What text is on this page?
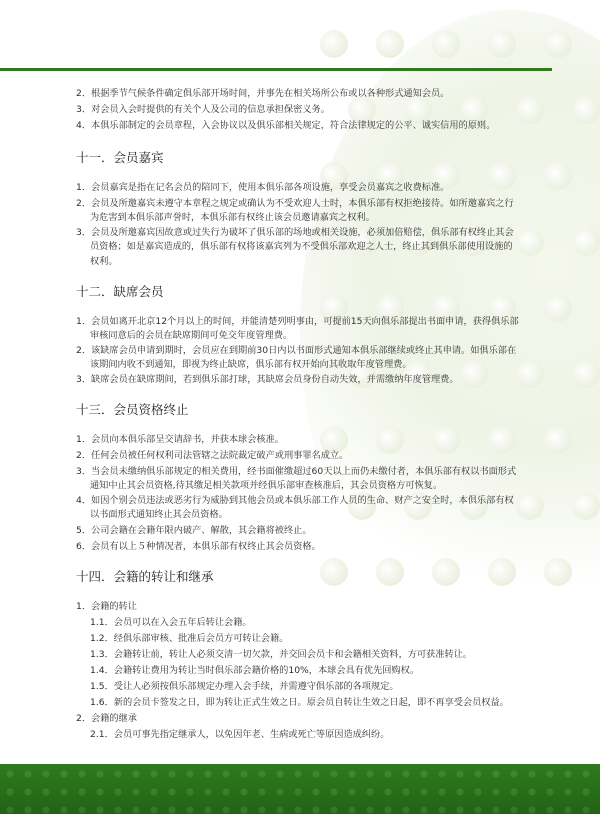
十一．会员嘉宾
十二．缺席会员
十三．会员资格终止
十四．会籍的转让和继承
2．根据季节气候条件确定俱乐部开场时间，并事先在相关场所公布或以各种形式通知会员。
3．对会员入会时提供的有关个人及公司的信息承担保密义务。
4．本俱乐部制定的会员章程，入会协议以及俱乐部相关规定，符合法律规定的公平、诚实信用的原则。
1．会员嘉宾是指在记名会员的陪同下，使用本俱乐部各项设施，享受会员嘉宾之收费标准。
2．会员及所邀嘉宾未遵守本章程之规定或确认为不受欢迎人士时，本俱乐部有权拒绝接待。如所邀嘉宾之行
为危害到本俱乐部声誉时，本俱乐部有权终止该会员邀请嘉宾之权利。
3．会员及所邀嘉宾因故意或过失行为破坏了俱乐部的场地或相关设施，必须加倍赔偿，俱乐部有权终止其会
员资格；如是嘉宾造成的，俱乐部有权将该嘉宾列为不受俱乐部欢迎之人士，终止其到俱乐部使用设施的
权利。
1．会员如离开北京12个月以上的时间，并能清楚列明事由，可提前15天向俱乐部提出书面申请，获得俱乐部
审核同意后的会员在缺席期间可免交年度管理费。
2．该缺席会员申请到期时，会员应在到期前30日内以书面形式通知本俱乐部继续或终止其申请。如俱乐部在
该期间内收不到通知，即视为终止缺席，俱乐部有权开始向其收取年度管理费。
3．缺席会员在缺席期间，若到俱乐部打球，其缺席会员身份自动失效，并需缴纳年度管理费。
1．会员向本俱乐部呈交请辞书，并获本球会核准。
2．任何会员被任何权利司法管辖之法院裁定破产或刑事罪名成立。
3．当会员未缴纳俱乐部规定的相关费用，经书面催缴超过60天以上而仍未缴付者，本俱乐部有权以书面形式
通知中止其会员资格,待其缴足相关款项并经俱乐部审查核准后，其会员资格方可恢复。
4．如因个别会员违法或恶劣行为威胁到其他会员或本俱乐部工作人员的生命、财产之安全时，本俱乐部有权
以书面形式通知终止其会员资格。
5．公司会籍在会籍年限内破产、解散，其会籍将被终止。
6．会员有以上５种情况者，本俱乐部有权终止其会员资格。
1．会籍的转让
1.1．会员可以在入会五年后转让会籍。
1.2．经俱乐部审核、批准后会员方可转让会籍。
1.3．会籍转让前，转让人必须交清一切欠款，并交回会员卡和会籍相关资料，方可获准转让。
1.4．会籍转让费用为转让当时俱乐部会籍价格的10%，本球会具有优先回购权。
1.5．受让人必须按俱乐部规定办理入会手续，并需遵守俱乐部的各项规定。
1.6．新的会员卡签发之日，即为转让正式生效之日。原会员自转让生效之日起，即不再享受会员权益。
2．会籍的继承
2.1．会员可事先指定继承人，以免因年老、生病或死亡等原因造成纠纷。
